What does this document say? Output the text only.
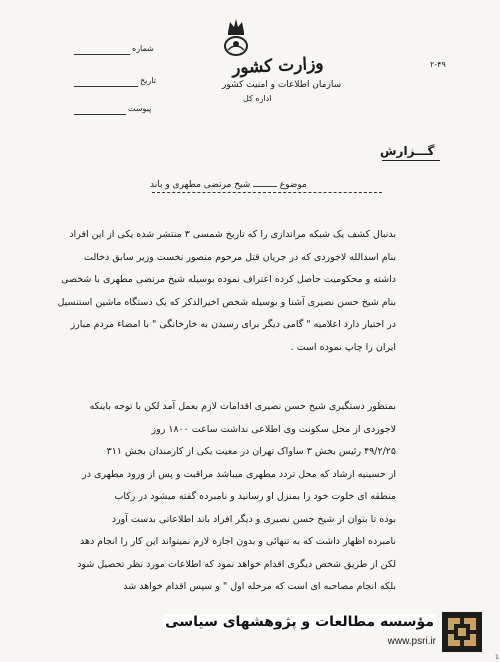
وزارت کشور
سازمان اطلاعات و امنیت کشور
اداره کل
شماره
تاریخ
پیوست
۲-۴۹
گـــزارش
موضوع ـــــــــ شیخ مرتضی مطهری و باند
بدنبال کشف یک شبکه مراندازی را که تاریخ شمسی ۳ منتشر شده یکی از این افراد
بنام اسدالله لاجوردی که در جریان قتل مرحوم منصور نخست وزیر سابق دخالت
داشته و محکومیت حاصل کرده اعتراف نموده بوسیله شیخ مرتضی مطهری با شخصی
بنام شیخ حسن نصیری آشنا و بوسیله شخص اخیرالذکر که یک دستگاه ماشین استنسیل
در اختیار دارد اعلامیه " گامی دیگر برای رسیدن به خارخانگی " با امضاء مردم مبارز
ایران را چاپ نموده است .
بمنظور دستگیری شیخ حسن نصیری اقدامات لازم بعمل آمد لکن با توجه باینکه
لاجوردی از محل سکونت وی اطلاعی نداشت ساعت ۱۸۰۰ روز
۴۹/۲/۲۵ رئیس بخش ۳ ساواک تهران در معیت یکی از کارمندان بخش ۳۱۱
از حسینیه ارشاد که محل تردد مطهری میباشد مراقبت و پس از ورود مطهری در
منطقه ای خلوت خود را بمنزل او رسانید و نامبرده گفته میشود در رکاب
بوده تا بتوان از شیخ حسن نصیری و دیگر افراد باند اطلاعاتی بدست آورد
نامبرده اظهار داشت که به تنهائی و بدون اجازه لازم نمیتواند این کار را انجام دهد
لکن از طریق شخص دیگری اقدام خواهد نمود که اطلاعات مورد نظر تحصیل شود
بلکه انجام مصاحبه ای است که مرحله اول " و سپس اقدام خواهد شد
مؤسسه مطالعات و پژوهشهای سیاسی
www.psri.ir
1
